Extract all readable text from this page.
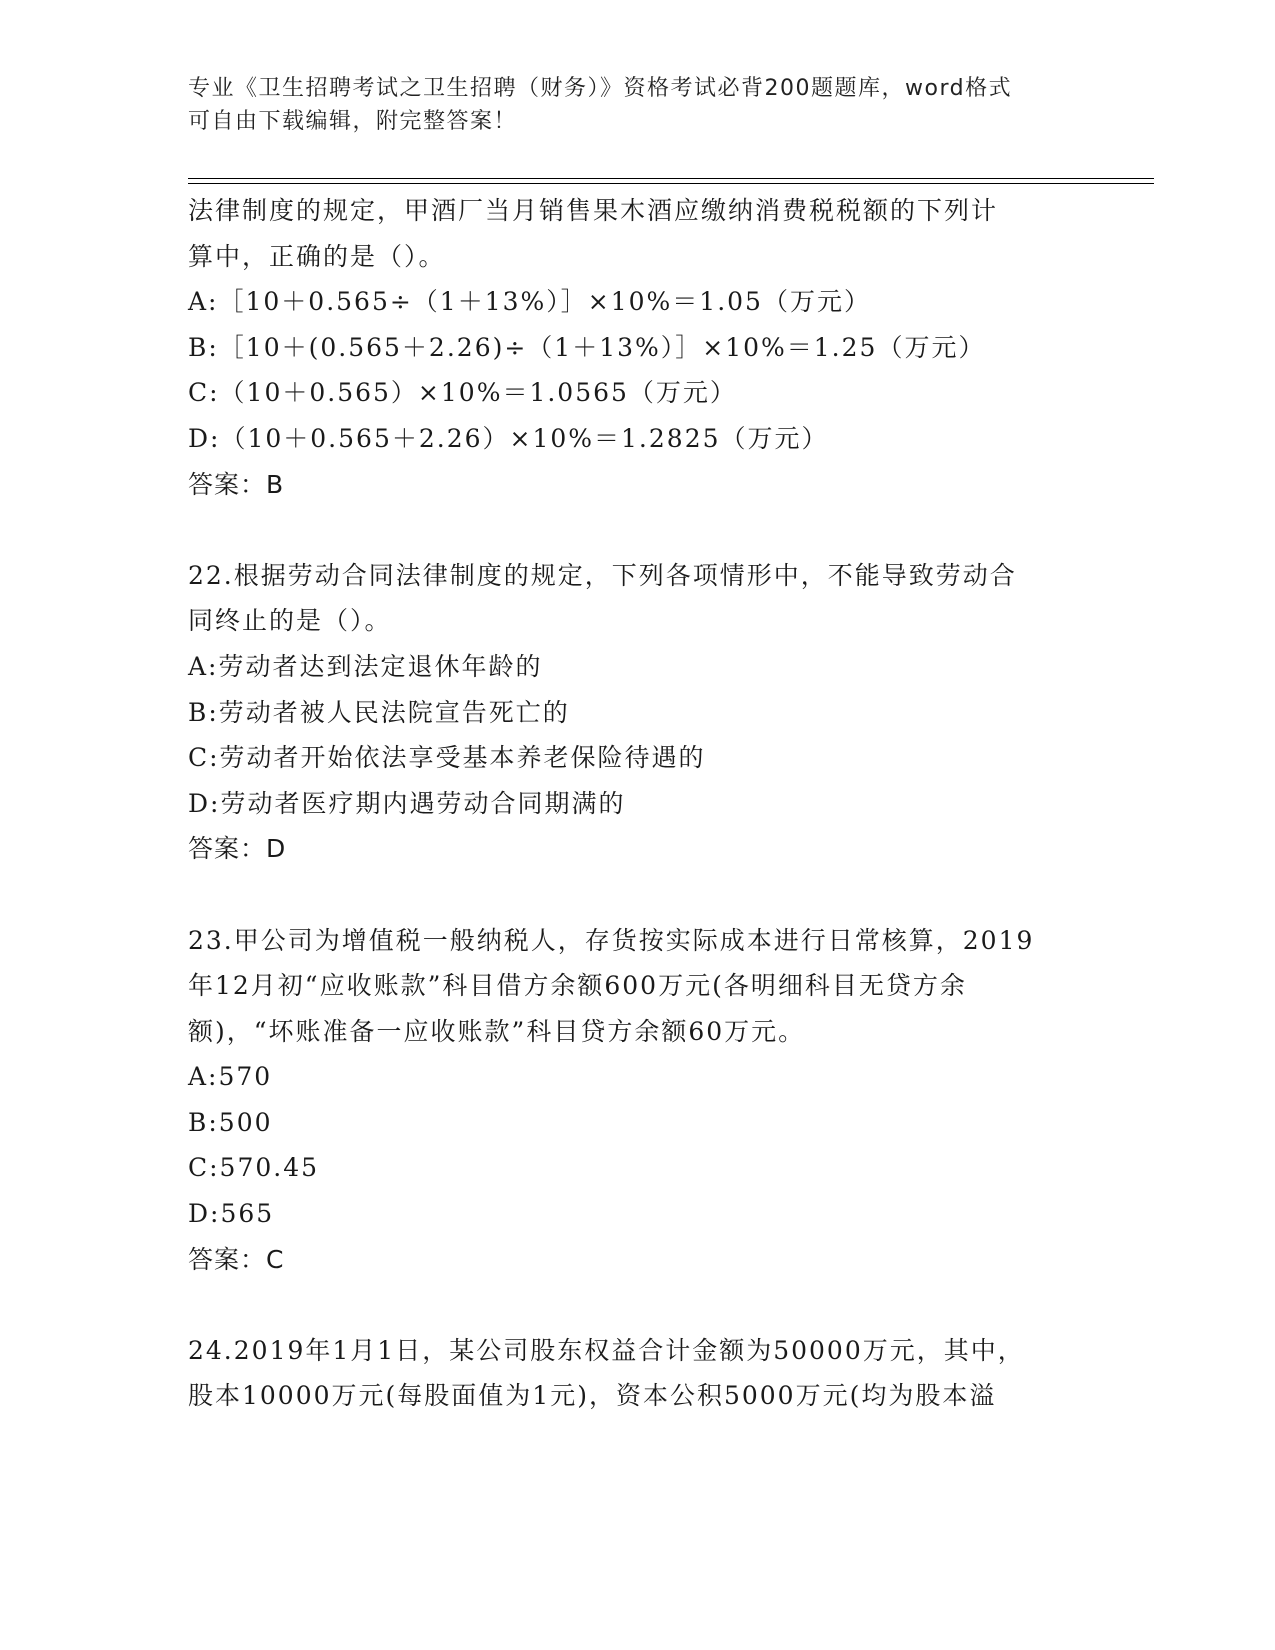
专业《卫生招聘考试之卫生招聘（财务）》资格考试必背200题题库，word格式
可自由下载编辑，附完整答案！
法律制度的规定，甲酒厂当月销售果木酒应缴纳消费税税额的下列计
算中，正确的是（）。
A:［10＋0.565÷（1＋13%）］×10%＝1.05（万元）
B:［10＋(0.565＋2.26)÷（1＋13%）］×10%＝1.25（万元）
C:（10＋0.565）×10%＝1.0565（万元）
D:（10＋0.565＋2.26）×10%＝1.2825（万元）
答案：B
22.根据劳动合同法律制度的规定，下列各项情形中，不能导致劳动合
同终止的是（）。
A:劳动者达到法定退休年龄的
B:劳动者被人民法院宣告死亡的
C:劳动者开始依法享受基本养老保险待遇的
D:劳动者医疗期内遇劳动合同期满的
答案：D
23.甲公司为增值税一般纳税人，存货按实际成本进行日常核算，2019
年12月初“应收账款”科目借方余额600万元(各明细科目无贷方余
额)，“坏账准备一应收账款”科目贷方余额60万元。
A:570
B:500
C:570.45
D:565
答案：C
24.2019年1月1日，某公司股东权益合计金额为50000万元，其中，
股本10000万元(每股面值为1元)，资本公积5000万元(均为股本溢
